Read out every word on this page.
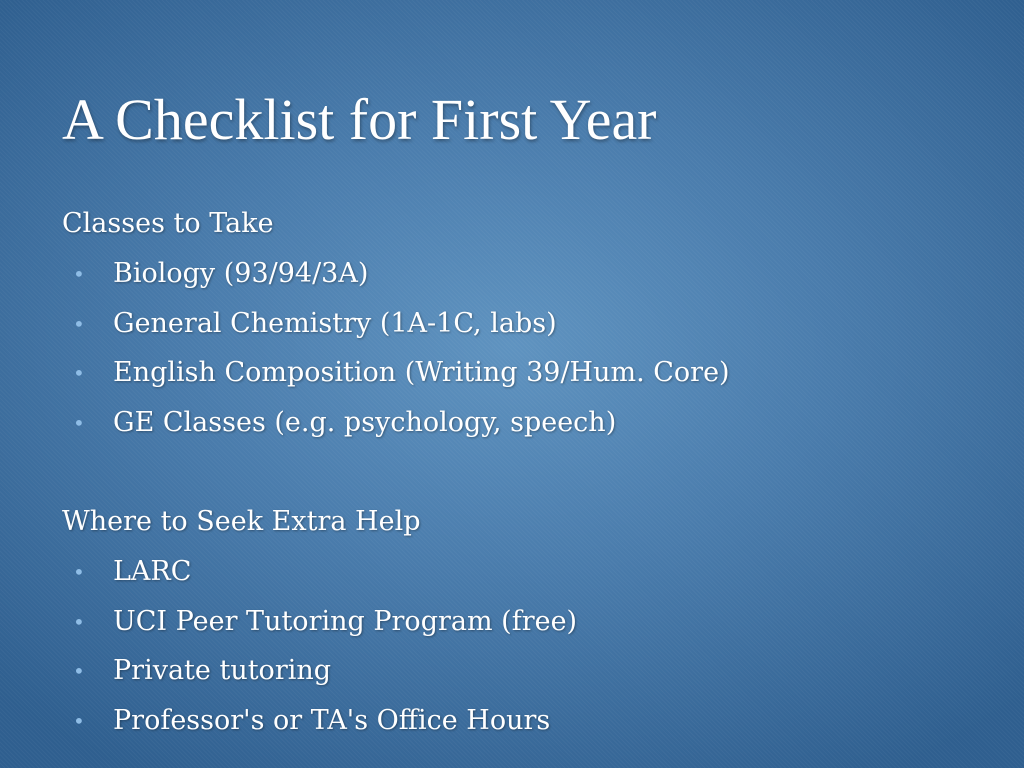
A Checklist for First Year
Classes to Take
• Biology (93/94/3A)
• General Chemistry (1A-1C, labs)
• English Composition (Writing 39/Hum. Core)
• GE Classes (e.g. psychology, speech)
Where to Seek Extra Help
• LARC
• UCI Peer Tutoring Program (free)
• Private tutoring
• Professor's or TA's Office Hours
